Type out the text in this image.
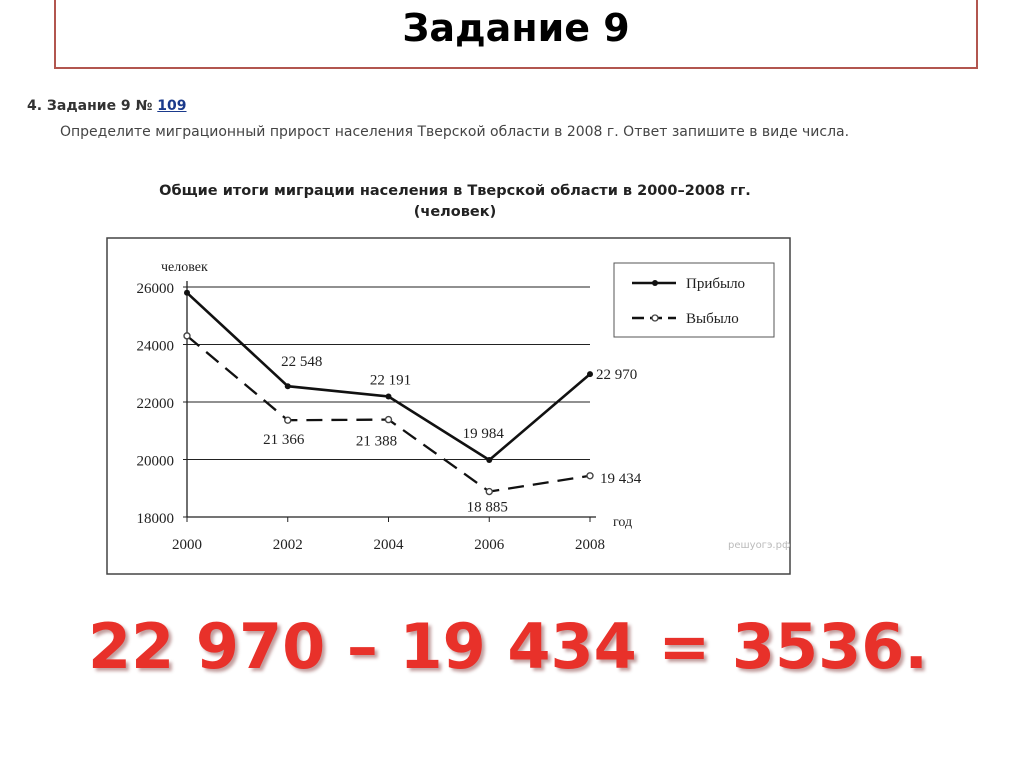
Задание 9
4. Задание 9 № 109
Определите миграционный прирост населения Тверской области в 2008 г. Ответ запишите в виде числа.
Общие итоги миграции населения в Тверской области в 2000–2008 гг.
(человек)
18000
20000
22000
24000
26000
2000	2002	2004	2006	2008
человек
год
22 548
22 191
19 984
22 970
21 366	21 388
18 885
19 434
Прибыло
Выбыло
решуогэ.рф
22 970 – 19 434 = 3536.
